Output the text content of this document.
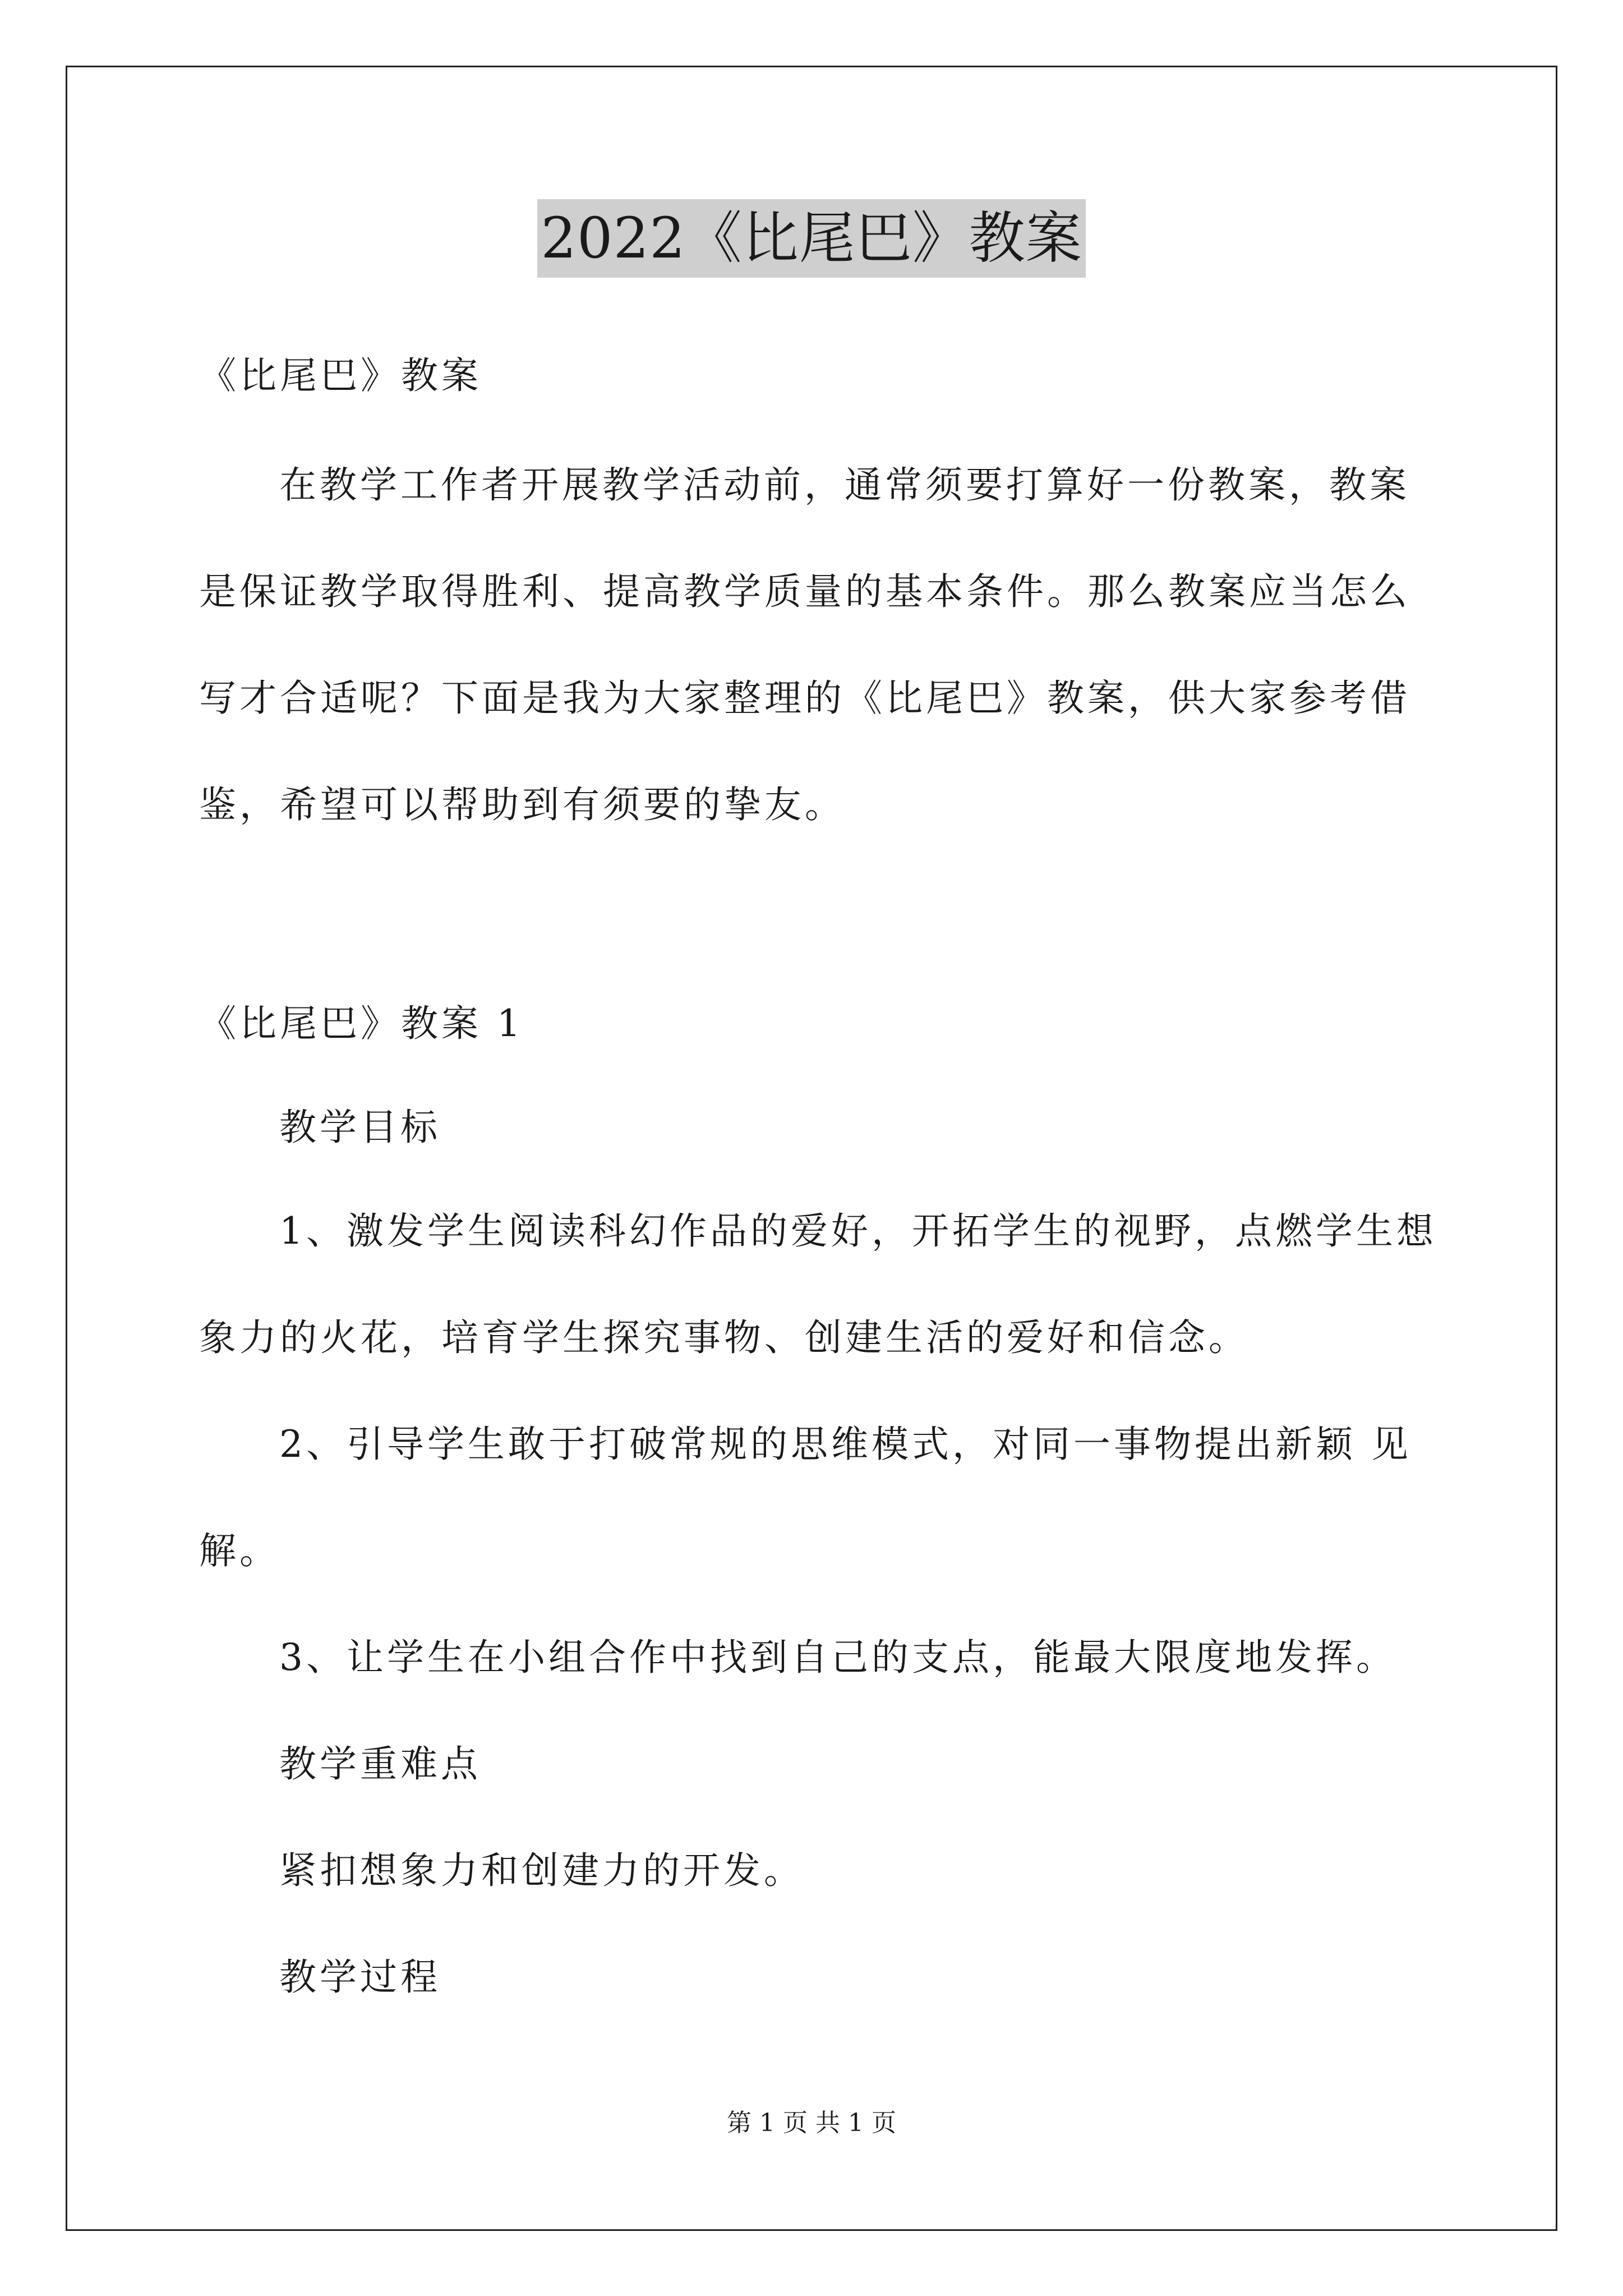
2022《比尾巴》教案
《比尾巴》教案
在教学工作者开展教学活动前，通常须要打算好一份教案，教案
是保证教学取得胜利、提高教学质量的基本条件。那么教案应当怎么
写才合适呢？下面是我为大家整理的《比尾巴》教案，供大家参考借
鉴，希望可以帮助到有须要的挚友。
《比尾巴》教案 1
教学目标
1、激发学生阅读科幻作品的爱好，开拓学生的视野，点燃学生想
象力的火花，培育学生探究事物、创建生活的爱好和信念。
2、引导学生敢于打破常规的思维模式，对同一事物提出新颖 见
解。
3、让学生在小组合作中找到自己的支点，能最大限度地发挥。
教学重难点
紧扣想象力和创建力的开发。
教学过程
第 1 页 共 1 页
